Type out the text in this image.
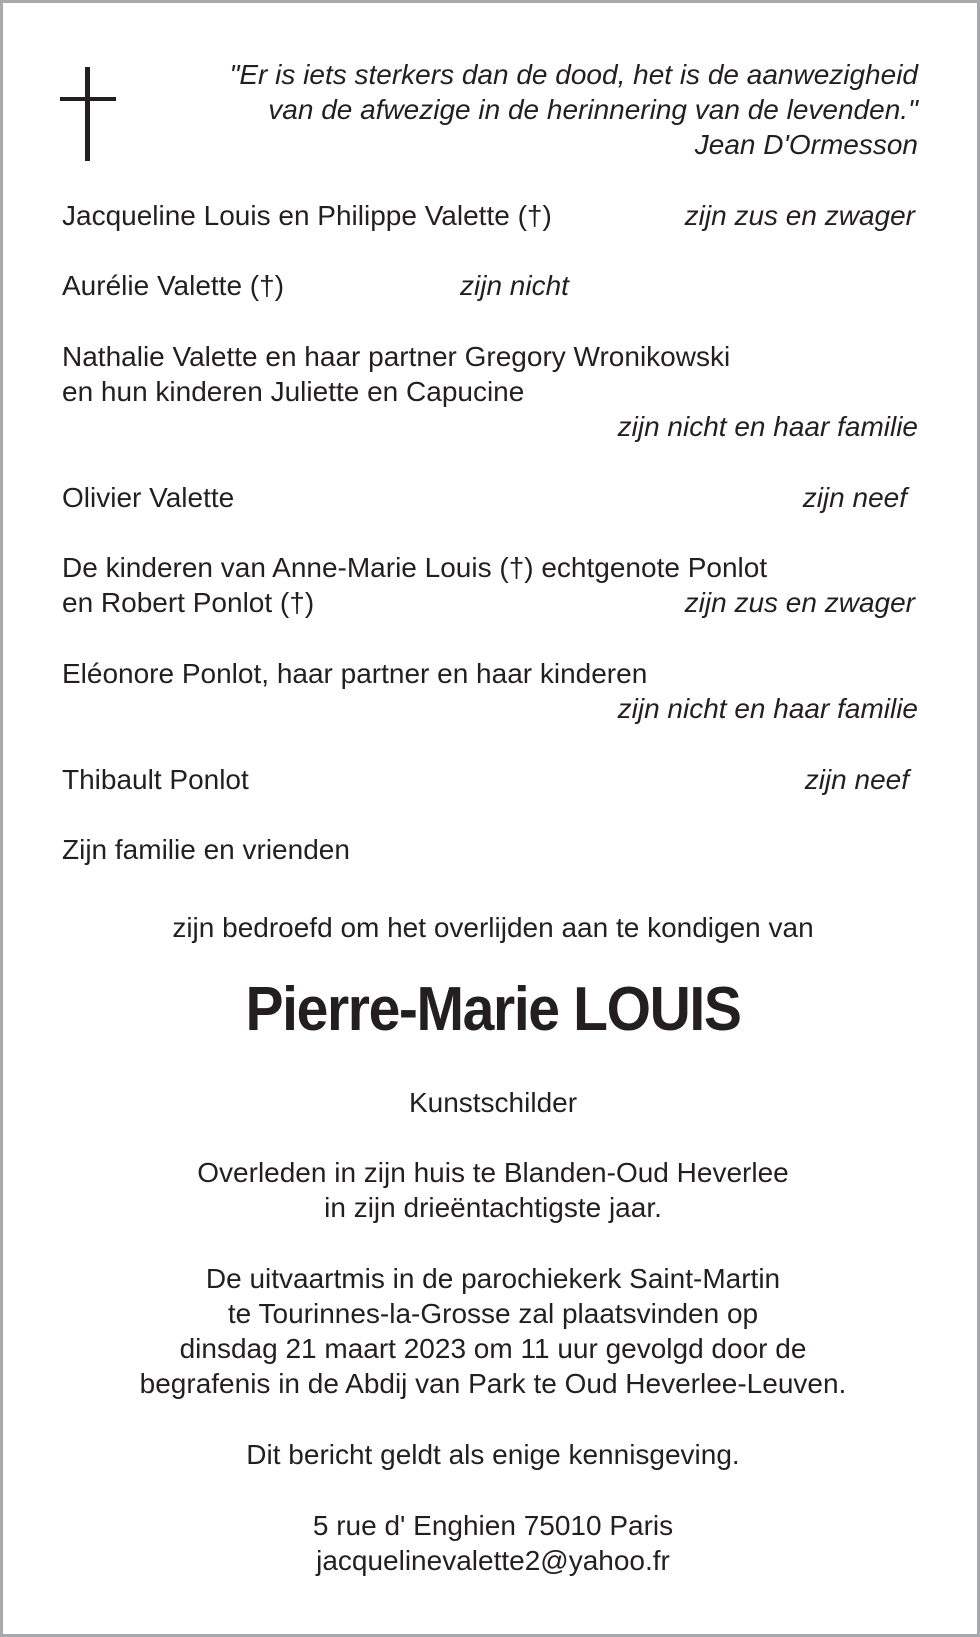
"Er is iets sterkers dan de dood, het is de aanwezigheid
van de afwezige in de herinnering van de levenden."
Jean D'Ormesson
Jacqueline Louis en Philippe Valette (†)	zijn zus en zwager
Aurélie Valette (†)	zijn nicht
Nathalie Valette en haar partner Gregory Wronikowski
en hun kinderen Juliette en Capucine
zijn nicht en haar familie
Olivier Valette	zijn neef
De kinderen van Anne-Marie Louis (†) echtgenote Ponlot
en Robert Ponlot (†)	zijn zus en zwager
Eléonore Ponlot, haar partner en haar kinderen
zijn nicht en haar familie
Thibault Ponlot	zijn neef
Zijn familie en vrienden
zijn bedroefd om het overlijden aan te kondigen van
Pierre-Marie LOUIS
Kunstschilder
Overleden in zijn huis te Blanden-Oud Heverlee
in zijn drieëntachtigste jaar.
De uitvaartmis in de parochiekerk Saint-Martin
te Tourinnes-la-Grosse zal plaatsvinden op
dinsdag 21 maart 2023 om 11 uur gevolgd door de
begrafenis in de Abdij van Park te Oud Heverlee-Leuven.
Dit bericht geldt als enige kennisgeving.
5 rue d' Enghien 75010 Paris
jacquelinevalette2@yahoo.fr
